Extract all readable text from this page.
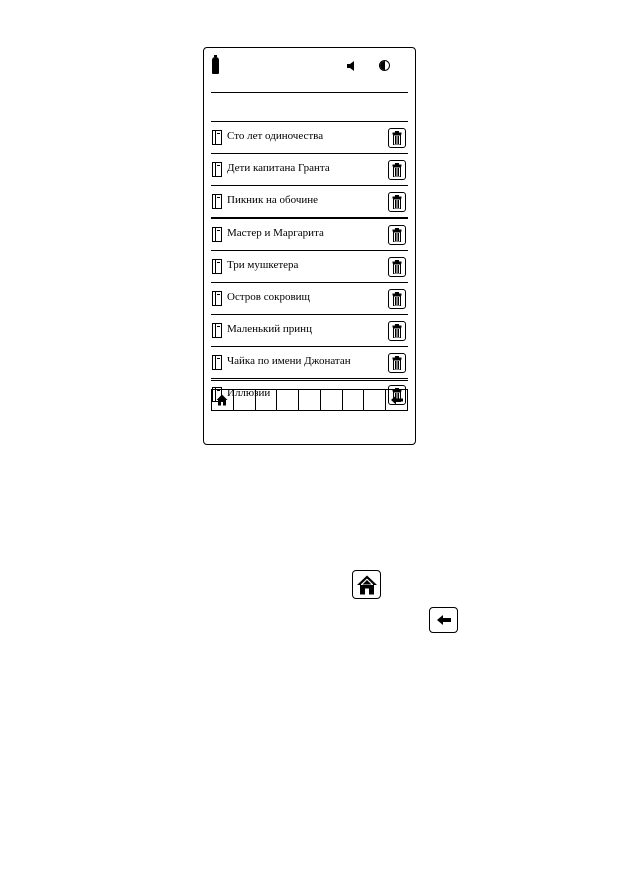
Сто лет одиночества
Дети капитана Гранта
Пикник на обочине
Мастер и Маргарита
Три мушкетера
Остров сокровищ
Маленький принц
Чайка по имени Джонатан
Иллюзии
